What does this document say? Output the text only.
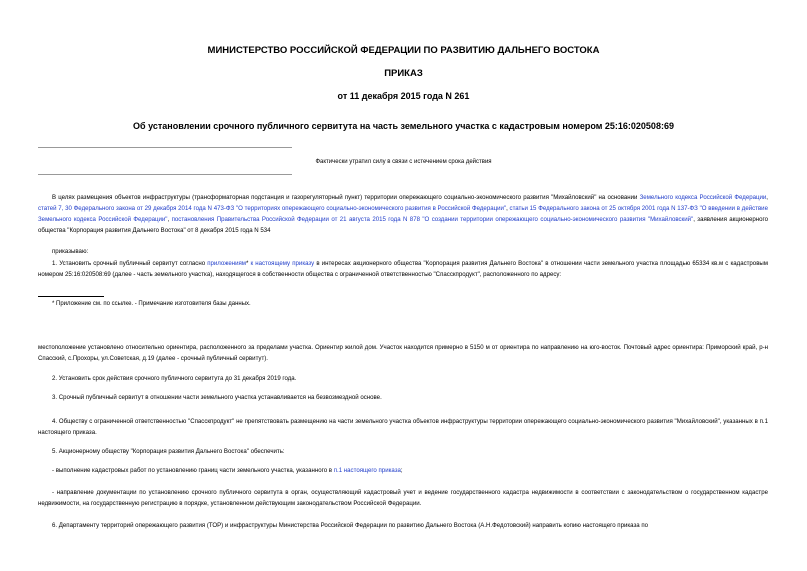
МИНИСТЕРСТВО РОССИЙСКОЙ ФЕДЕРАЦИИ ПО РАЗВИТИЮ ДАЛЬНЕГО ВОСТОКА

ПРИКАЗ

от 11 декабря 2015 года N 261

Об установлении срочного публичного сервитута на часть земельного участка с кадастровым номером 25:16:020508:69

Фактически утратил силу в связи с истечением срока действия

В целях размещения объектов инфраструктуры (трансформаторная подстанция и газорегуляторный пункт) территории опережающего социально-экономического развития "Михайловский" на основании Земельного кодекса Российской Федерации, статей 7, 30 Федерального закона от 29 декабря 2014 года N 473-ФЗ "О территориях опережающего социально-экономического развития в Российской Федерации", статьи 15 Федерального закона от 25 октября 2001 года N 137-ФЗ "О введении в действие Земельного кодекса Российской Федерации", постановления Правительства Российской Федерации от 21 августа 2015 года N 878 "О создании территории опережающего социально-экономического развития "Михайловский", заявления акционерного общества "Корпорация развития Дальнего Востока" от 8 декабря 2015 года N 534

приказываю:

1. Установить срочный публичный сервитут согласно приложениям* к настоящему приказу в интересах акционерного общества "Корпорация развития Дальнего Востока" в отношении части земельного участка площадью 65334 кв.м с кадастровым номером 25:16:020508:69 (далее - часть земельного участка), находящегося в собственности общества с ограниченной ответственностью "Спасскпродукт", расположенного по адресу:

* Приложение см. по ссылке. - Примечание изготовителя базы данных.

местоположение установлено относительно ориентира, расположенного за пределами участка. Ориентир жилой дом. Участок находится примерно в 5150 м от ориентира по направлению на юго-восток. Почтовый адрес ориентира: Приморский край, р-н Спасский, с.Прохоры, ул.Советская, д.19 (далее - срочный публичный сервитут).

2. Установить срок действия срочного публичного сервитута до 31 декабря 2019 года.

3. Срочный публичный сервитут в отношении части земельного участка устанавливается на безвозмездной основе.

4. Обществу с ограниченной ответственностью "Спасскпродукт" не препятствовать размещению на части земельного участка объектов инфраструктуры территории опережающего социально-экономического развития "Михайловский", указанных в п.1 настоящего приказа.

5. Акционерному обществу "Корпорация развития Дальнего Востока" обеспечить:

- выполнение кадастровых работ по установлению границ части земельного участка, указанного в п.1 настоящего приказа;

- направление документации по установлению срочного публичного сервитута в орган, осуществляющий кадастровый учет и ведение государственного кадастра недвижимости в соответствии с законодательством о государственном кадастре недвижимости, на государственную регистрацию в порядке, установленном действующим законодательством Российской Федерации.

6. Департаменту территорий опережающего развития (ТОР) и инфраструктуры Министерства Российской Федерации по развитию Дальнего Востока (А.Н.Федотовский) направить копию настоящего приказа по
